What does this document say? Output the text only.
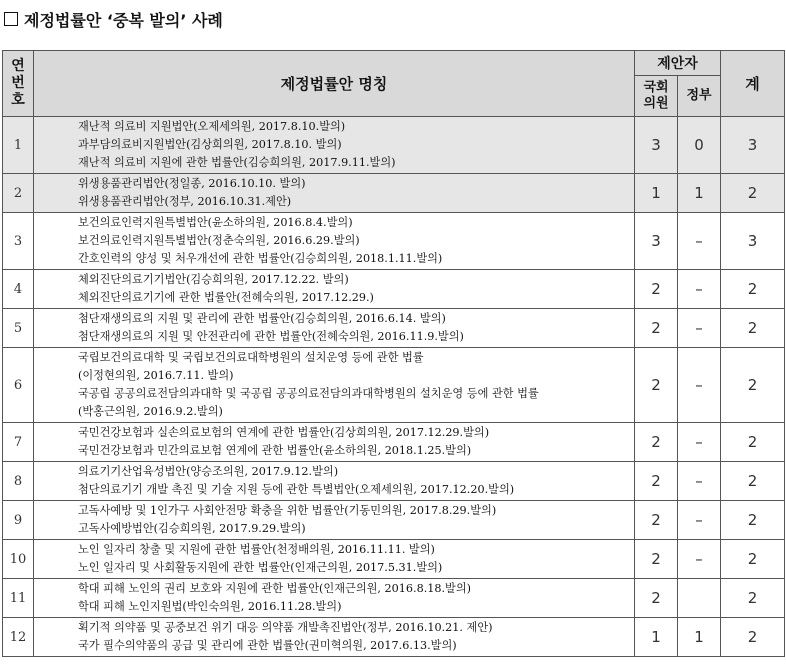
제정법률안 ‘중복 발의’ 사례
연번호	제정법률안 명칭	제안자		계
		국회의원	정부	
1	재난적 의료비 지원법안(오제세의원, 2017.8.10.발의)
과부담의료비지원법안(김상희의원, 2017.8.10. 발의)
재난적 의료비 지원에 관한 법률안(김승희의원, 2017.9.11.발의)	3	0	3
2	위생용품관리법안(정일종, 2016.10.10. 발의)
위생용품관리법안(정부, 2016.10.31.제안)	1	1	2
3	보건의료인력지원특별법안(윤소하의원, 2016.8.4.발의)
보건의료인력지원특별법안(정춘숙의원, 2016.6.29.발의)
간호인력의 양성 및 처우개선에 관한 법률안(김승희의원, 2018.1.11.발의)	3	–	3
4	체외진단의료기기법안(김승희의원, 2017.12.22. 발의)
체외진단의료기기에 관한 법률안(전혜숙의원, 2017.12.29.)	2	–	2
5	첨단재생의료의 지원 및 관리에 관한 법률안(김승희의원, 2016.6.14. 발의)
첨단재생의료의 지원 및 안전관리에 관한 법률안(전혜숙의원, 2016.11.9.발의)	2	–	2
6	국립보건의료대학 및 국립보건의료대학병원의 설치운영 등에 관한 법률
(이정현의원, 2016.7.11. 발의)
국공립 공공의료전담의과대학 및 국공립 공공의료전담의과대학병원의 설치운영 등에 관한 법률
(박홍근의원, 2016.9.2.발의)	2	–	2
7	국민건강보험과 실손의료보험의 연계에 관한 법률안(김상희의원, 2017.12.29.발의)
국민건강보험과 민간의료보험 연계에 관한 법률안(윤소하의원, 2018.1.25.발의)	2	–	2
8	의료기기산업육성법안(양승조의원, 2017.9.12.발의)
첨단의료기기 개발 촉진 및 기술 지원 등에 관한 특별법안(오제세의원, 2017.12.20.발의)	2	–	2
9	고독사예방 및 1인가구 사회안전망 확충을 위한 법률안(기동민의원, 2017.8.29.발의)
고독사예방법안(김승희의원, 2017.9.29.발의)	2	–	2
10	노인 일자리 창출 및 지원에 관한 법률안(천정배의원, 2016.11.11. 발의)
노인 일자리 및 사회활동지원에 관한 법률안(인재근의원, 2017.5.31.발의)	2	–	2
11	학대 피해 노인의 권리 보호와 지원에 관한 법률안(인재근의원, 2016.8.18.발의)
학대 피해 노인지원법(박인숙의원, 2016.11.28.발의)	2		2
12	획기적 의약품 및 공중보건 위기 대응 의약품 개발촉진법안(정부, 2016.10.21. 제안)
국가 필수의약품의 공급 및 관리에 관한 법률안(권미혁의원, 2017.6.13.발의)	1	1	2
